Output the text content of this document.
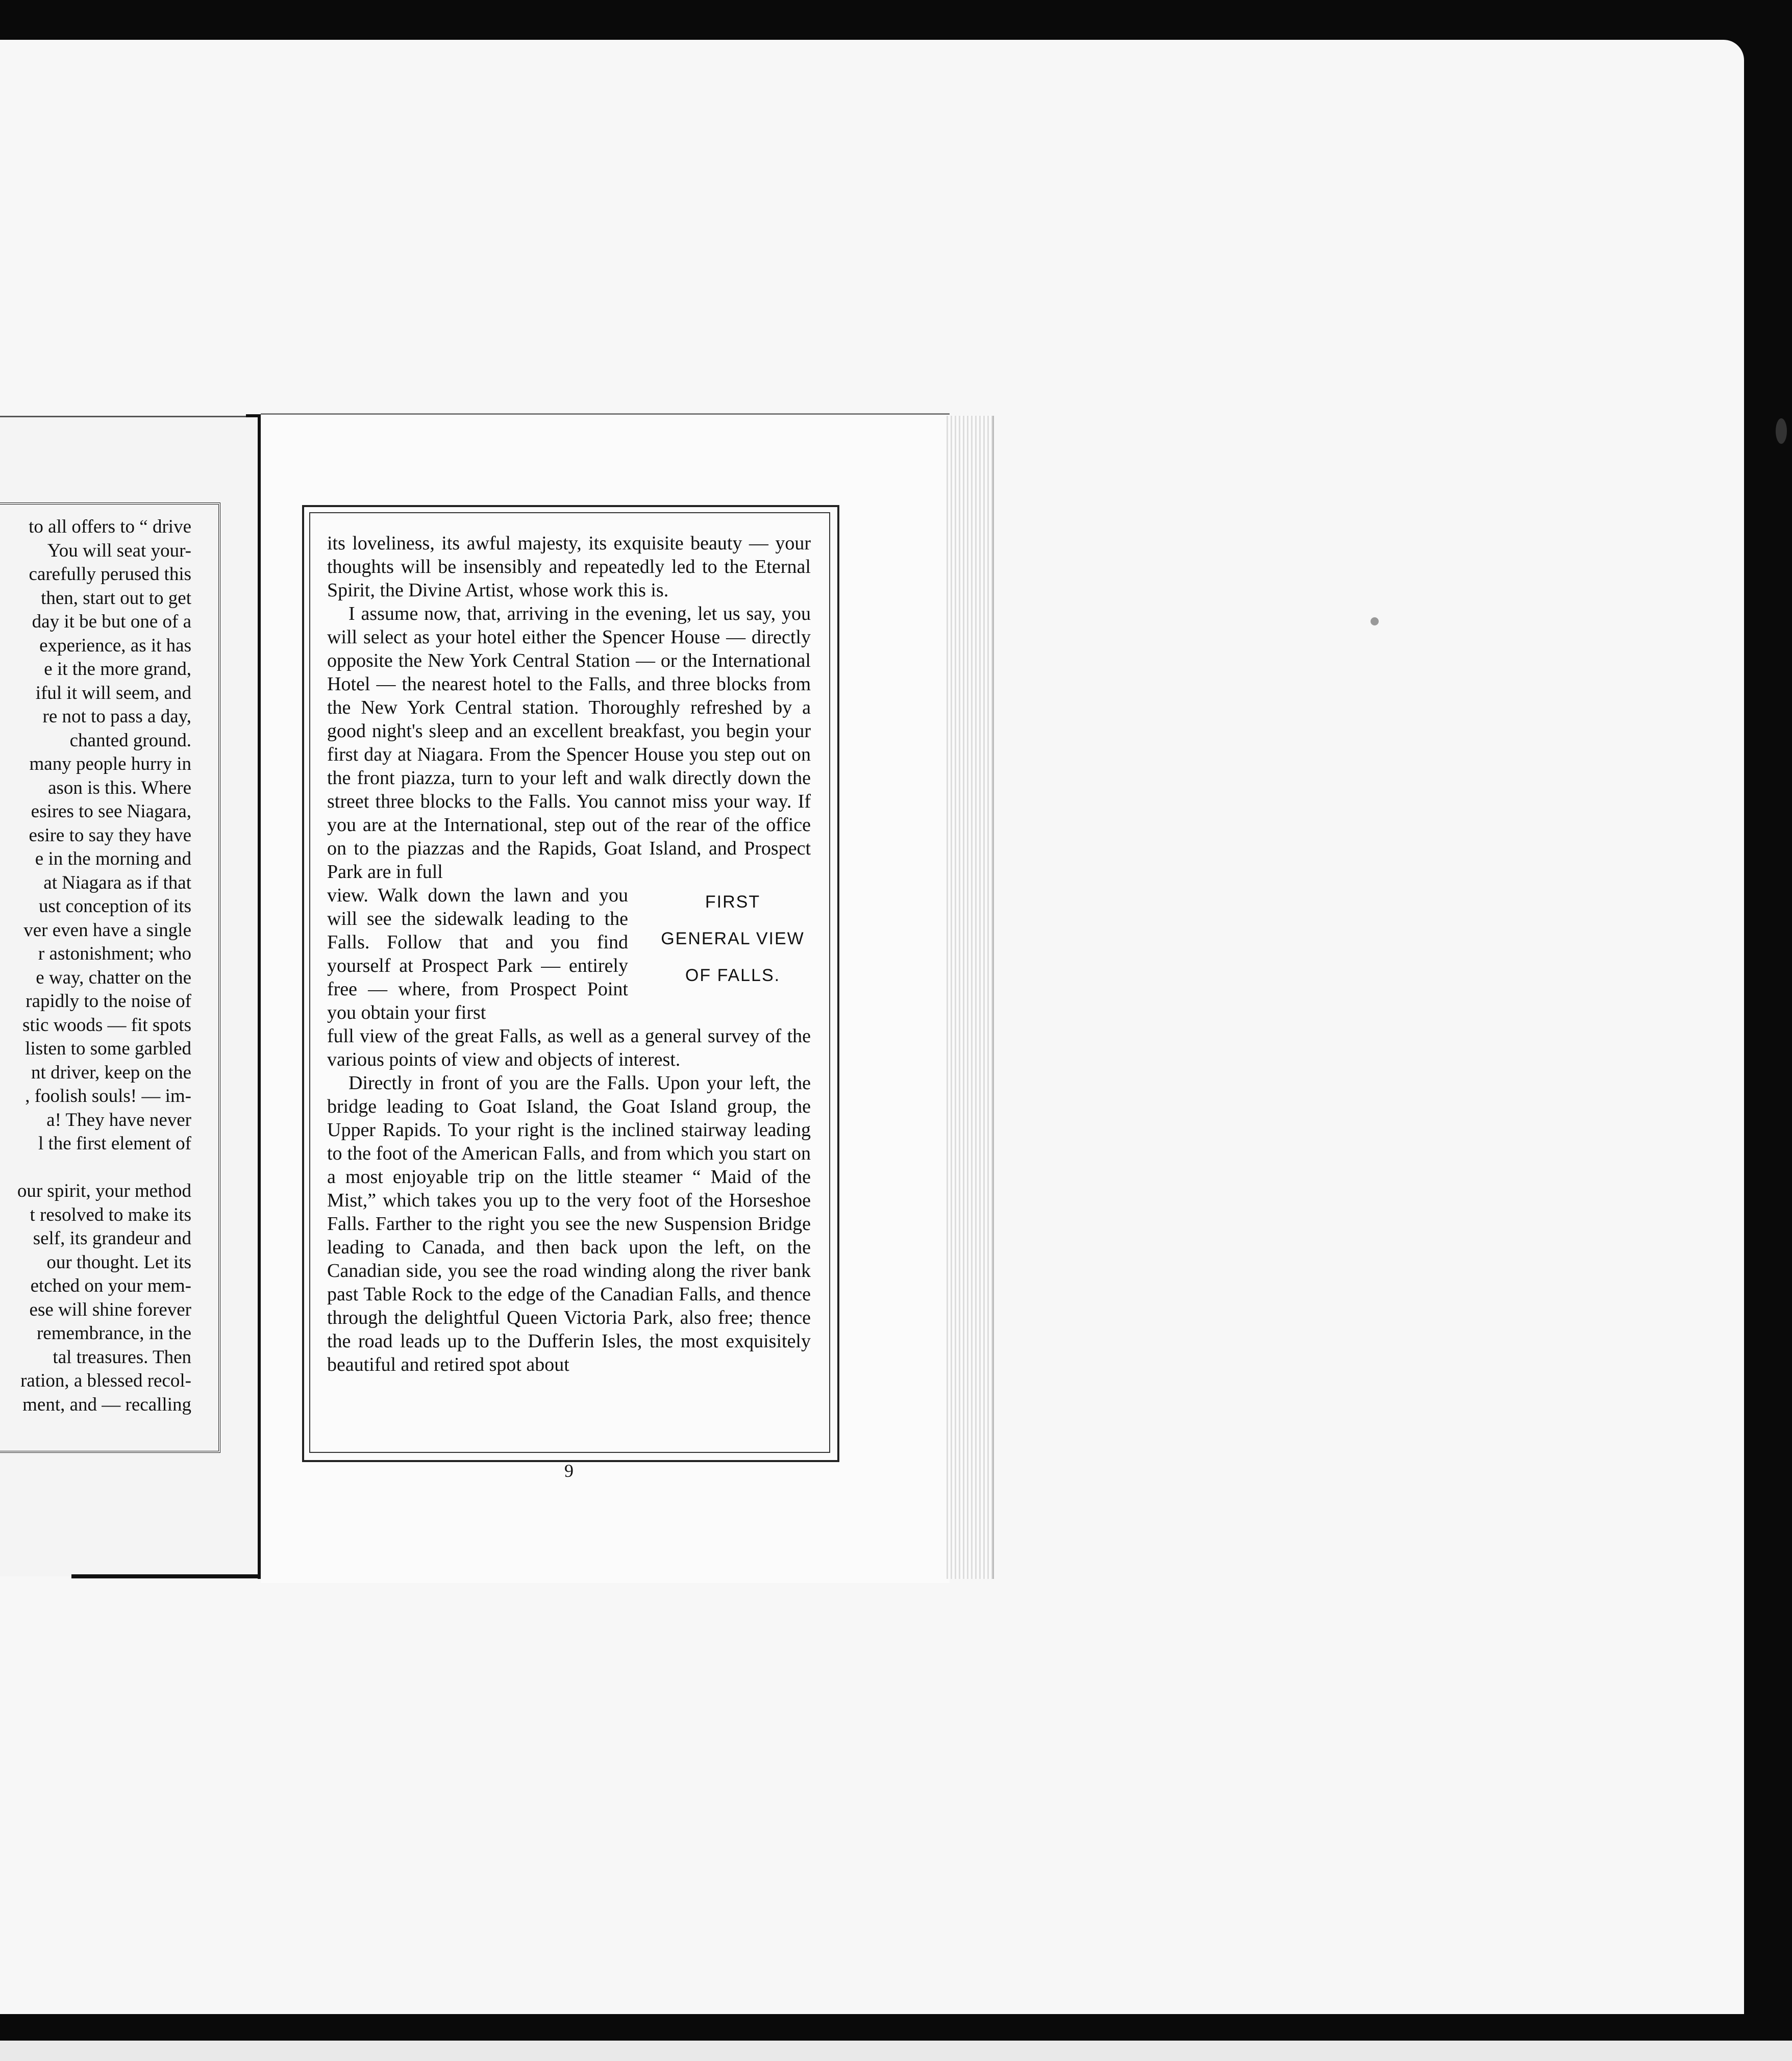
to all offers to “ drive
You will seat your-
carefully perused this
then, start out to get
day it be but one of a
experience, as it has
e it the more grand,
iful it will seem, and
re not to pass a day,
chanted ground.
many people hurry in
ason is this. Where
esires to see Niagara,
esire to say they have
e in the morning and
at Niagara as if that
ust conception of its
ver even have a single
r astonishment; who
e way, chatter on the
rapidly to the noise of
stic woods — fit spots
listen to some garbled
nt driver, keep on the
, foolish souls! — im-
a! They have never
l the first element of
our spirit, your method
t resolved to make its
self, its grandeur and
our thought. Let its
etched on your mem-
ese will shine forever
remembrance, in the
tal treasures. Then
ration, a blessed recol-
ment, and — recalling

its loveliness, its awful majesty, its exquisite beauty — your thoughts will be insensibly and repeatedly led to the Eternal Spirit, the Divine Artist, whose work this is.

I assume now, that, arriving in the evening, let us say, you will select as your hotel either the Spencer House — directly opposite the New York Central Station — or the International Hotel — the nearest hotel to the Falls, and three blocks from the New York Central station. Thoroughly refreshed by a good night's sleep and an excellent breakfast, you begin your first day at Niagara. From the Spencer House you step out on the front piazza, turn to your left and walk directly down the street three blocks to the Falls. You cannot miss your way. If you are at the International, step out of the rear of the office on to the piazzas and the Rapids, Goat Island, and Prospect Park are in full

view. Walk down the lawn and you will see the sidewalk leading to the Falls. Follow that and you find yourself at Prospect Park — entirely free — where, from Prospect Point you obtain your first

FIRST
GENERAL VIEW
OF FALLS.

full view of the great Falls, as well as a general survey of the various points of view and objects of interest.

Directly in front of you are the Falls. Upon your left, the bridge leading to Goat Island, the Goat Island group, the Upper Rapids. To your right is the inclined stairway leading to the foot of the American Falls, and from which you start on a most enjoyable trip on the little steamer “ Maid of the Mist,” which takes you up to the very foot of the Horseshoe Falls. Farther to the right you see the new Suspension Bridge leading to Canada, and then back upon the left, on the Canadian side, you see the road winding along the river bank past Table Rock to the edge of the Canadian Falls, and thence through the delightful Queen Victoria Park, also free; thence the road leads up to the Dufferin Isles, the most exquisitely beautiful and retired spot about

9
